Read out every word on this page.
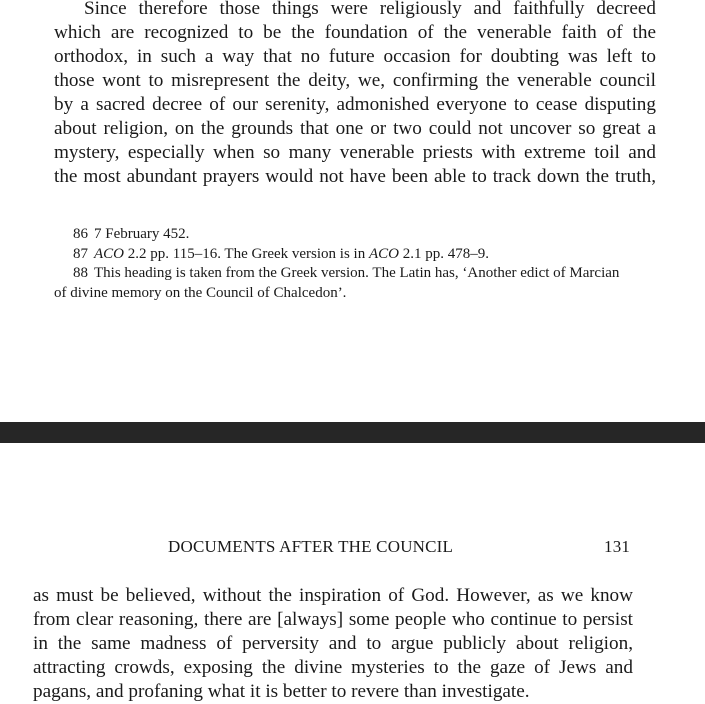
Since therefore those things were religiously and faithfully decreed
which are recognized to be the foundation of the venerable faith of the
orthodox, in such a way that no future occasion for doubting was left to
those wont to misrepresent the deity, we, confirming the venerable council
by a sacred decree of our serenity, admonished everyone to cease disputing
about religion, on the grounds that one or two could not uncover so great a
mystery, especially when so many venerable priests with extreme toil and
the most abundant prayers would not have been able to track down the truth,

86 7 February 452.
87 ACO 2.2 pp. 115–16. The Greek version is in ACO 2.1 pp. 478–9.
88 This heading is taken from the Greek version. The Latin has, ‘Another edict of Marcian
of divine memory on the Council of Chalcedon’.
DOCUMENTS AFTER THE COUNCIL	131

as must be believed, without the inspiration of God. However, as we know
from clear reasoning, there are [always] some people who continue to persist
in the same madness of perversity and to argue publicly about religion,
attracting crowds, exposing the divine mysteries to the gaze of Jews and
pagans, and profaning what it is better to revere than investigate.
